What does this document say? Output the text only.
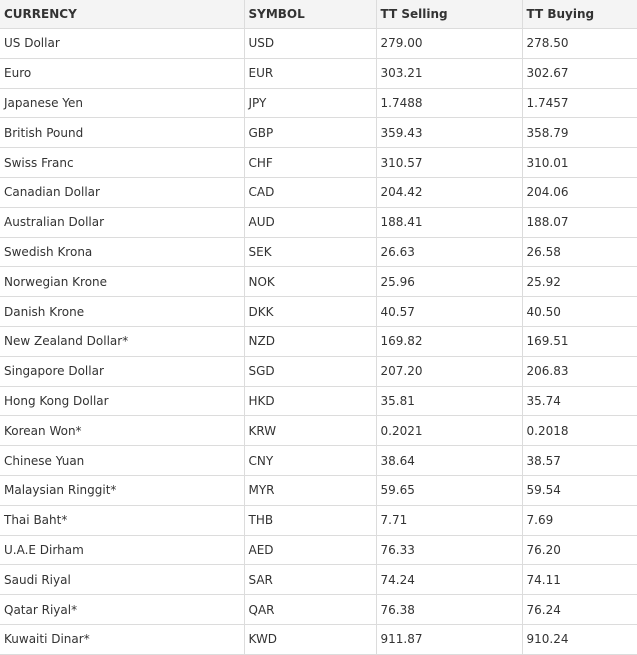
CURRENCY	SYMBOL	TT Selling	TT Buying
US Dollar	USD	279.00	278.50
Euro	EUR	303.21	302.67
Japanese Yen	JPY	1.7488	1.7457
British Pound	GBP	359.43	358.79
Swiss Franc	CHF	310.57	310.01
Canadian Dollar	CAD	204.42	204.06
Australian Dollar	AUD	188.41	188.07
Swedish Krona	SEK	26.63	26.58
Norwegian Krone	NOK	25.96	25.92
Danish Krone	DKK	40.57	40.50
New Zealand Dollar*	NZD	169.82	169.51
Singapore Dollar	SGD	207.20	206.83
Hong Kong Dollar	HKD	35.81	35.74
Korean Won*	KRW	0.2021	0.2018
Chinese Yuan	CNY	38.64	38.57
Malaysian Ringgit*	MYR	59.65	59.54
Thai Baht*	THB	7.71	7.69
U.A.E Dirham	AED	76.33	76.20
Saudi Riyal	SAR	74.24	74.11
Qatar Riyal*	QAR	76.38	76.24
Kuwaiti Dinar*	KWD	911.87	910.24
